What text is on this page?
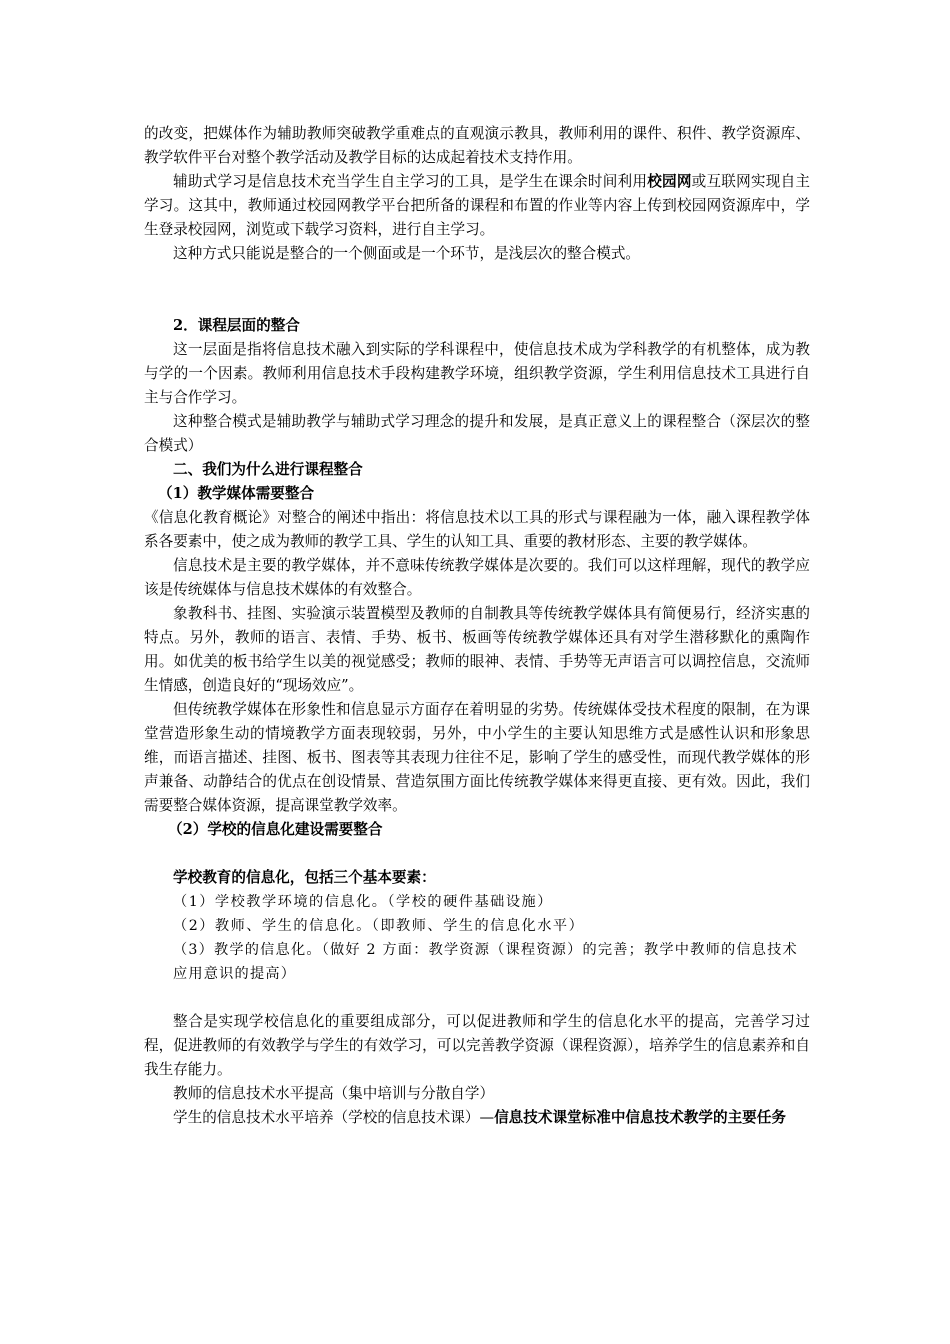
的改变，把媒体作为辅助教师突破教学重难点的直观演示教具，教师利用的课件、积件、教学资源库、教学软件平台对整个教学活动及教学目标的达成起着技术支持作用。

辅助式学习是信息技术充当学生自主学习的工具，是学生在课余时间利用校园网或互联网实现自主学习。这其中，教师通过校园网教学平台把所备的课程和布置的作业等内容上传到校园网资源库中，学生登录校园网，浏览或下载学习资料，进行自主学习。

这种方式只能说是整合的一个侧面或是一个环节，是浅层次的整合模式。

2．课程层面的整合

这一层面是指将信息技术融入到实际的学科课程中，使信息技术成为学科教学的有机整体，成为教与学的一个因素。教师利用信息技术手段构建教学环境，组织教学资源，学生利用信息技术工具进行自主与合作学习。

这种整合模式是辅助教学与辅助式学习理念的提升和发展，是真正意义上的课程整合（深层次的整合模式）

二、我们为什么进行课程整合

（1）教学媒体需要整合

《信息化教育概论》对整合的阐述中指出：将信息技术以工具的形式与课程融为一体，融入课程教学体系各要素中，使之成为教师的教学工具、学生的认知工具、重要的教材形态、主要的教学媒体。

信息技术是主要的教学媒体，并不意味传统教学媒体是次要的。我们可以这样理解，现代的教学应该是传统媒体与信息技术媒体的有效整合。

象教科书、挂图、实验演示装置模型及教师的自制教具等传统教学媒体具有简便易行，经济实惠的特点。另外，教师的语言、表情、手势、板书、板画等传统教学媒体还具有对学生潜移默化的熏陶作用。如优美的板书给学生以美的视觉感受；教师的眼神、表情、手势等无声语言可以调控信息，交流师生情感，创造良好的“现场效应”。

但传统教学媒体在形象性和信息显示方面存在着明显的劣势。传统媒体受技术程度的限制，在为课堂营造形象生动的情境教学方面表现较弱，另外，中小学生的主要认知思维方式是感性认识和形象思维，而语言描述、挂图、板书、图表等其表现力往往不足，影响了学生的感受性，而现代教学媒体的形声兼备、动静结合的优点在创设情景、营造氛围方面比传统教学媒体来得更直接、更有效。因此，我们需要整合媒体资源，提高课堂教学效率。

（2）学校的信息化建设需要整合

学校教育的信息化，包括三个基本要素：

（1）学校教学环境的信息化。（学校的硬件基础设施）

（2）教师、学生的信息化。（即教师、学生的信息化水平）

（3）教学的信息化。（做好 2 方面：教学资源（课程资源）的完善；教学中教师的信息技术应用意识的提高）

整合是实现学校信息化的重要组成部分，可以促进教师和学生的信息化水平的提高，完善学习过程，促进教师的有效教学与学生的有效学习，可以完善教学资源（课程资源），培养学生的信息素养和自我生存能力。

教师的信息技术水平提高（集中培训与分散自学）

学生的信息技术水平培养（学校的信息技术课）—信息技术课堂标准中信息技术教学的主要任务
